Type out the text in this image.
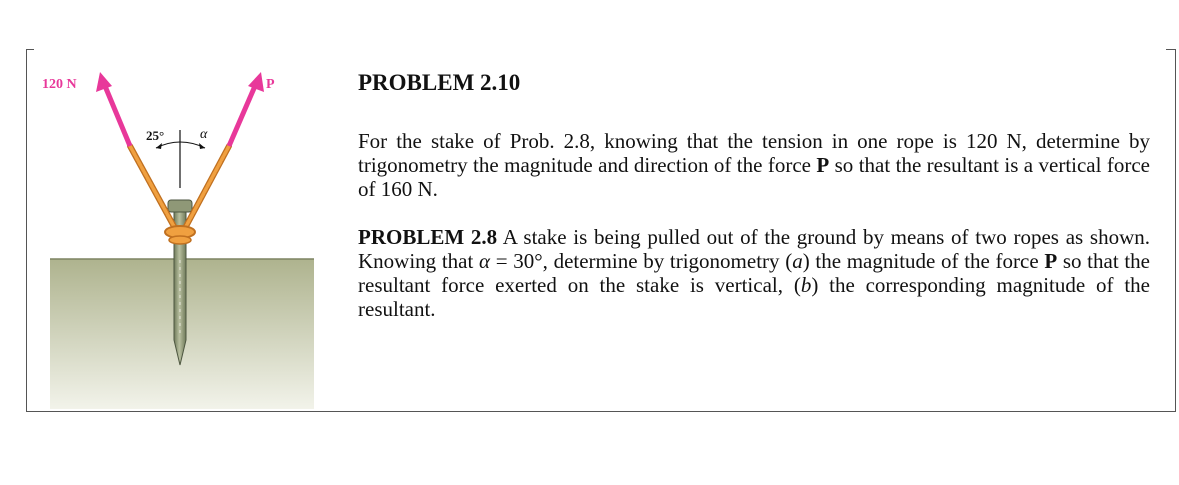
120 N	P
25°	α
PROBLEM 2.10

For the stake of Prob. 2.8, knowing that the tension in one rope is 120 N, determine by trigonometry the magnitude and direction of the force P so that the resultant is a vertical force of 160 N.

PROBLEM 2.8 A stake is being pulled out of the ground by means of two ropes as shown. Knowing that α = 30°, determine by trigonometry (a) the magnitude of the force P so that the resultant force exerted on the stake is vertical, (b) the corresponding magnitude of the resultant.
